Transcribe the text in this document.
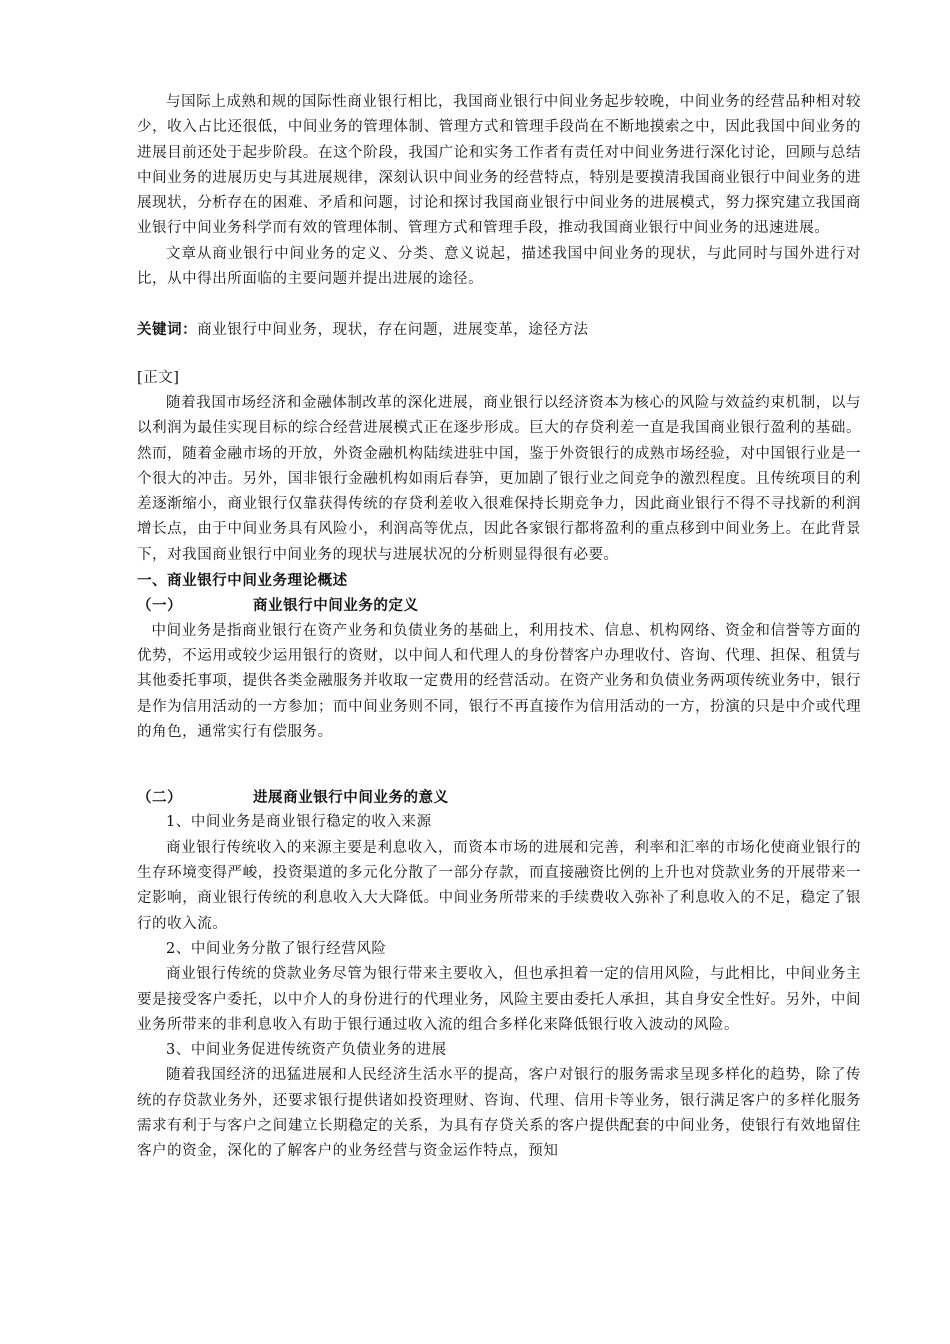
与国际上成熟和规的国际性商业银行相比，我国商业银行中间业务起步较晚，中间业务的经营品种相对较少，收入占比还很低，中间业务的管理体制、管理方式和管理手段尚在不断地摸索之中，因此我国中间业务的进展目前还处于起步阶段。在这个阶段，我国广论和实务工作者有责任对中间业务进行深化讨论，回顾与总结中间业务的进展历史与其进展规律，深刻认识中间业务的经营特点，特别是要摸清我国商业银行中间业务的进展现状，分析存在的困难、矛盾和问题，讨论和探讨我国商业银行中间业务的进展模式，努力探究建立我国商业银行中间业务科学而有效的管理体制、管理方式和管理手段，推动我国商业银行中间业务的迅速进展。

文章从商业银行中间业务的定义、分类、意义说起，描述我国中间业务的现状，与此同时与国外进行对比，从中得出所面临的主要问题并提出进展的途径。

关键词：商业银行中间业务，现状，存在问题，进展变革，途径方法

[正文]

随着我国市场经济和金融体制改革的深化进展，商业银行以经济资本为核心的风险与效益约束机制，以与以利润为最佳实现目标的综合经营进展模式正在逐步形成。巨大的存贷利差一直是我国商业银行盈利的基础。然而，随着金融市场的开放，外资金融机构陆续进驻中国，鉴于外资银行的成熟市场经验，对中国银行业是一个很大的冲击。另外，国非银行金融机构如雨后春笋，更加剧了银行业之间竞争的激烈程度。且传统项目的利差逐渐缩小，商业银行仅靠获得传统的存贷利差收入很难保持长期竞争力，因此商业银行不得不寻找新的利润增长点，由于中间业务具有风险小，利润高等优点，因此各家银行都将盈利的重点移到中间业务上。在此背景下，对我国商业银行中间业务的现状与进展状况的分析则显得很有必要。

一、商业银行中间业务理论概述

（一）	商业银行中间业务的定义

中间业务是指商业银行在资产业务和负债业务的基础上，利用技术、信息、机构网络、资金和信誉等方面的优势，不运用或较少运用银行的资财，以中间人和代理人的身份替客户办理收付、咨询、代理、担保、租赁与其他委托事项，提供各类金融服务并收取一定费用的经营活动。在资产业务和负债业务两项传统业务中，银行是作为信用活动的一方参加；而中间业务则不同，银行不再直接作为信用活动的一方，扮演的只是中介或代理的角色，通常实行有偿服务。

（二）	进展商业银行中间业务的意义

1、中间业务是商业银行稳定的收入来源

商业银行传统收入的来源主要是利息收入，而资本市场的进展和完善，利率和汇率的市场化使商业银行的生存环境变得严峻，投资渠道的多元化分散了一部分存款，而直接融资比例的上升也对贷款业务的开展带来一定影响，商业银行传统的利息收入大大降低。中间业务所带来的手续费收入弥补了利息收入的不足，稳定了银行的收入流。

2、中间业务分散了银行经营风险

商业银行传统的贷款业务尽管为银行带来主要收入，但也承担着一定的信用风险，与此相比，中间业务主要是接受客户委托，以中介人的身份进行的代理业务，风险主要由委托人承担，其自身安全性好。另外，中间业务所带来的非利息收入有助于银行通过收入流的组合多样化来降低银行收入波动的风险。

3、中间业务促进传统资产负债业务的进展

随着我国经济的迅猛进展和人民经济生活水平的提高，客户对银行的服务需求呈现多样化的趋势，除了传统的存贷款业务外，还要求银行提供诸如投资理财、咨询、代理、信用卡等业务，银行满足客户的多样化服务需求有利于与客户之间建立长期稳定的关系，为具有存贷关系的客户提供配套的中间业务，使银行有效地留住客户的资金，深化的了解客户的业务经营与资金运作特点，预知
